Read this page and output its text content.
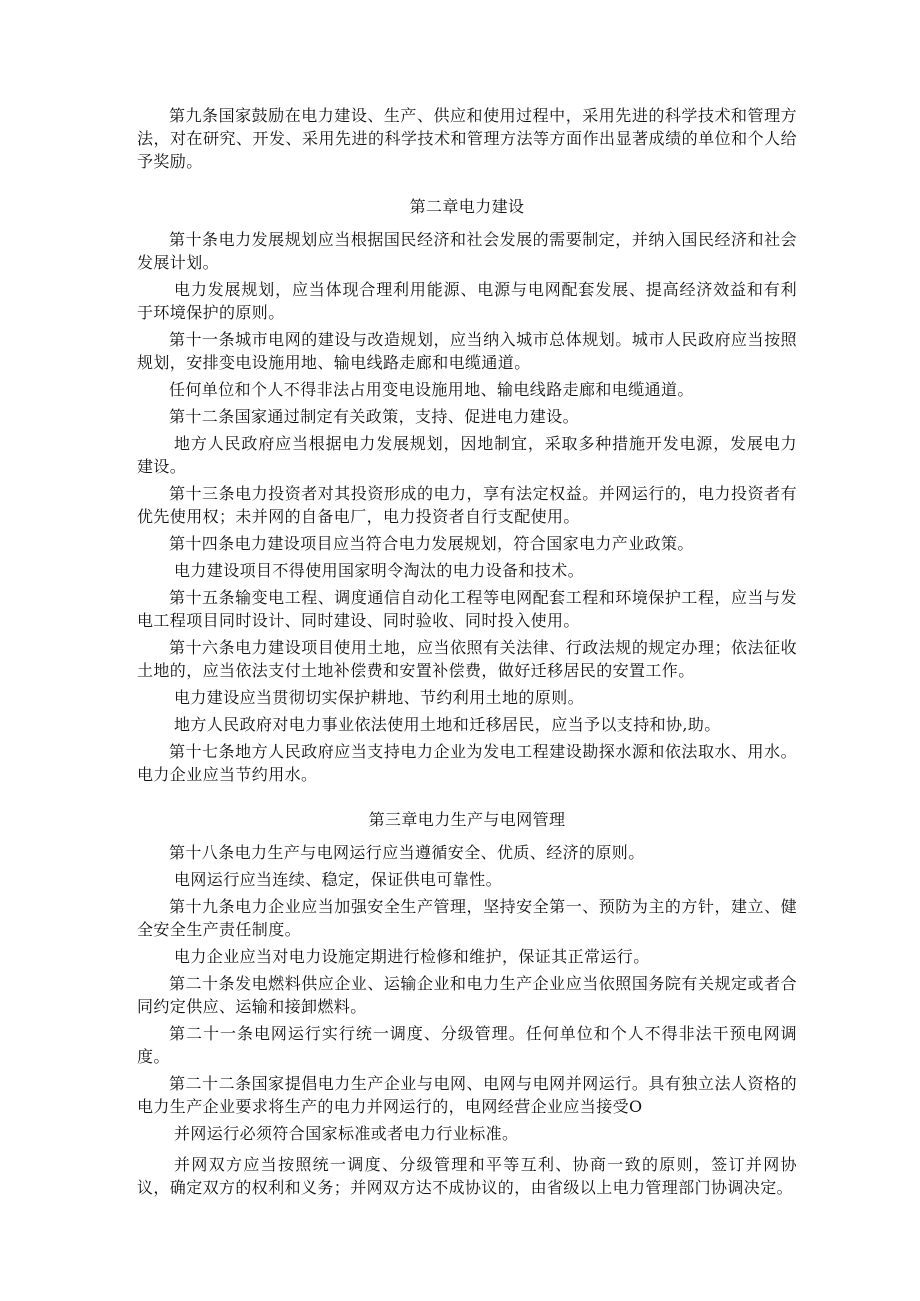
第九条国家鼓励在电力建设、生产、供应和使用过程中，采用先进的科学技术和管理方法，对在研究、开发、采用先进的科学技术和管理方法等方面作出显著成绩的单位和个人给予奖励。

第二章电力建设

第十条电力发展规划应当根据国民经济和社会发展的需要制定，并纳入国民经济和社会发展计划。

电力发展规划，应当体现合理利用能源、电源与电网配套发展、提高经济效益和有利于环境保护的原则。

第十一条城市电网的建设与改造规划，应当纳入城市总体规划。城市人民政府应当按照规划，安排变电设施用地、输电线路走廊和电缆通道。

任何单位和个人不得非法占用变电设施用地、输电线路走廊和电缆通道。

第十二条国家通过制定有关政策，支持、促进电力建设。

地方人民政府应当根据电力发展规划，因地制宜，采取多种措施开发电源，发展电力建设。

第十三条电力投资者对其投资形成的电力，享有法定权益。并网运行的，电力投资者有优先使用权；未并网的自备电厂，电力投资者自行支配使用。

第十四条电力建设项目应当符合电力发展规划，符合国家电力产业政策。

电力建设项目不得使用国家明令淘汰的电力设备和技术。

第十五条输变电工程、调度通信自动化工程等电网配套工程和环境保护工程，应当与发电工程项目同时设计、同时建设、同时验收、同时投入使用。

第十六条电力建设项目使用土地，应当依照有关法律、行政法规的规定办理；依法征收土地的，应当依法支付土地补偿费和安置补偿费，做好迁移居民的安置工作。

电力建设应当贯彻切实保护耕地、节约利用土地的原则。

地方人民政府对电力事业依法使用土地和迁移居民，应当予以支持和协,助。

第十七条地方人民政府应当支持电力企业为发电工程建设勘探水源和依法取水、用水。电力企业应当节约用水。

第三章电力生产与电网管理

第十八条电力生产与电网运行应当遵循安全、优质、经济的原则。

电网运行应当连续、稳定，保证供电可靠性。

第十九条电力企业应当加强安全生产管理，坚持安全第一、预防为主的方针，建立、健全安全生产责任制度。

电力企业应当对电力设施定期进行检修和维护，保证其正常运行。

第二十条发电燃料供应企业、运输企业和电力生产企业应当依照国务院有关规定或者合同约定供应、运输和接卸燃料。

第二十一条电网运行实行统一调度、分级管理。任何单位和个人不得非法干预电网调度。

第二十二条国家提倡电力生产企业与电网、电网与电网并网运行。具有独立法人资格的电力生产企业要求将生产的电力并网运行的，电网经营企业应当接受O

并网运行必须符合国家标准或者电力行业标准。

并网双方应当按照统一调度、分级管理和平等互利、协商一致的原则，签订并网协议，确定双方的权利和义务；并网双方达不成协议的，由省级以上电力管理部门协调决定。
